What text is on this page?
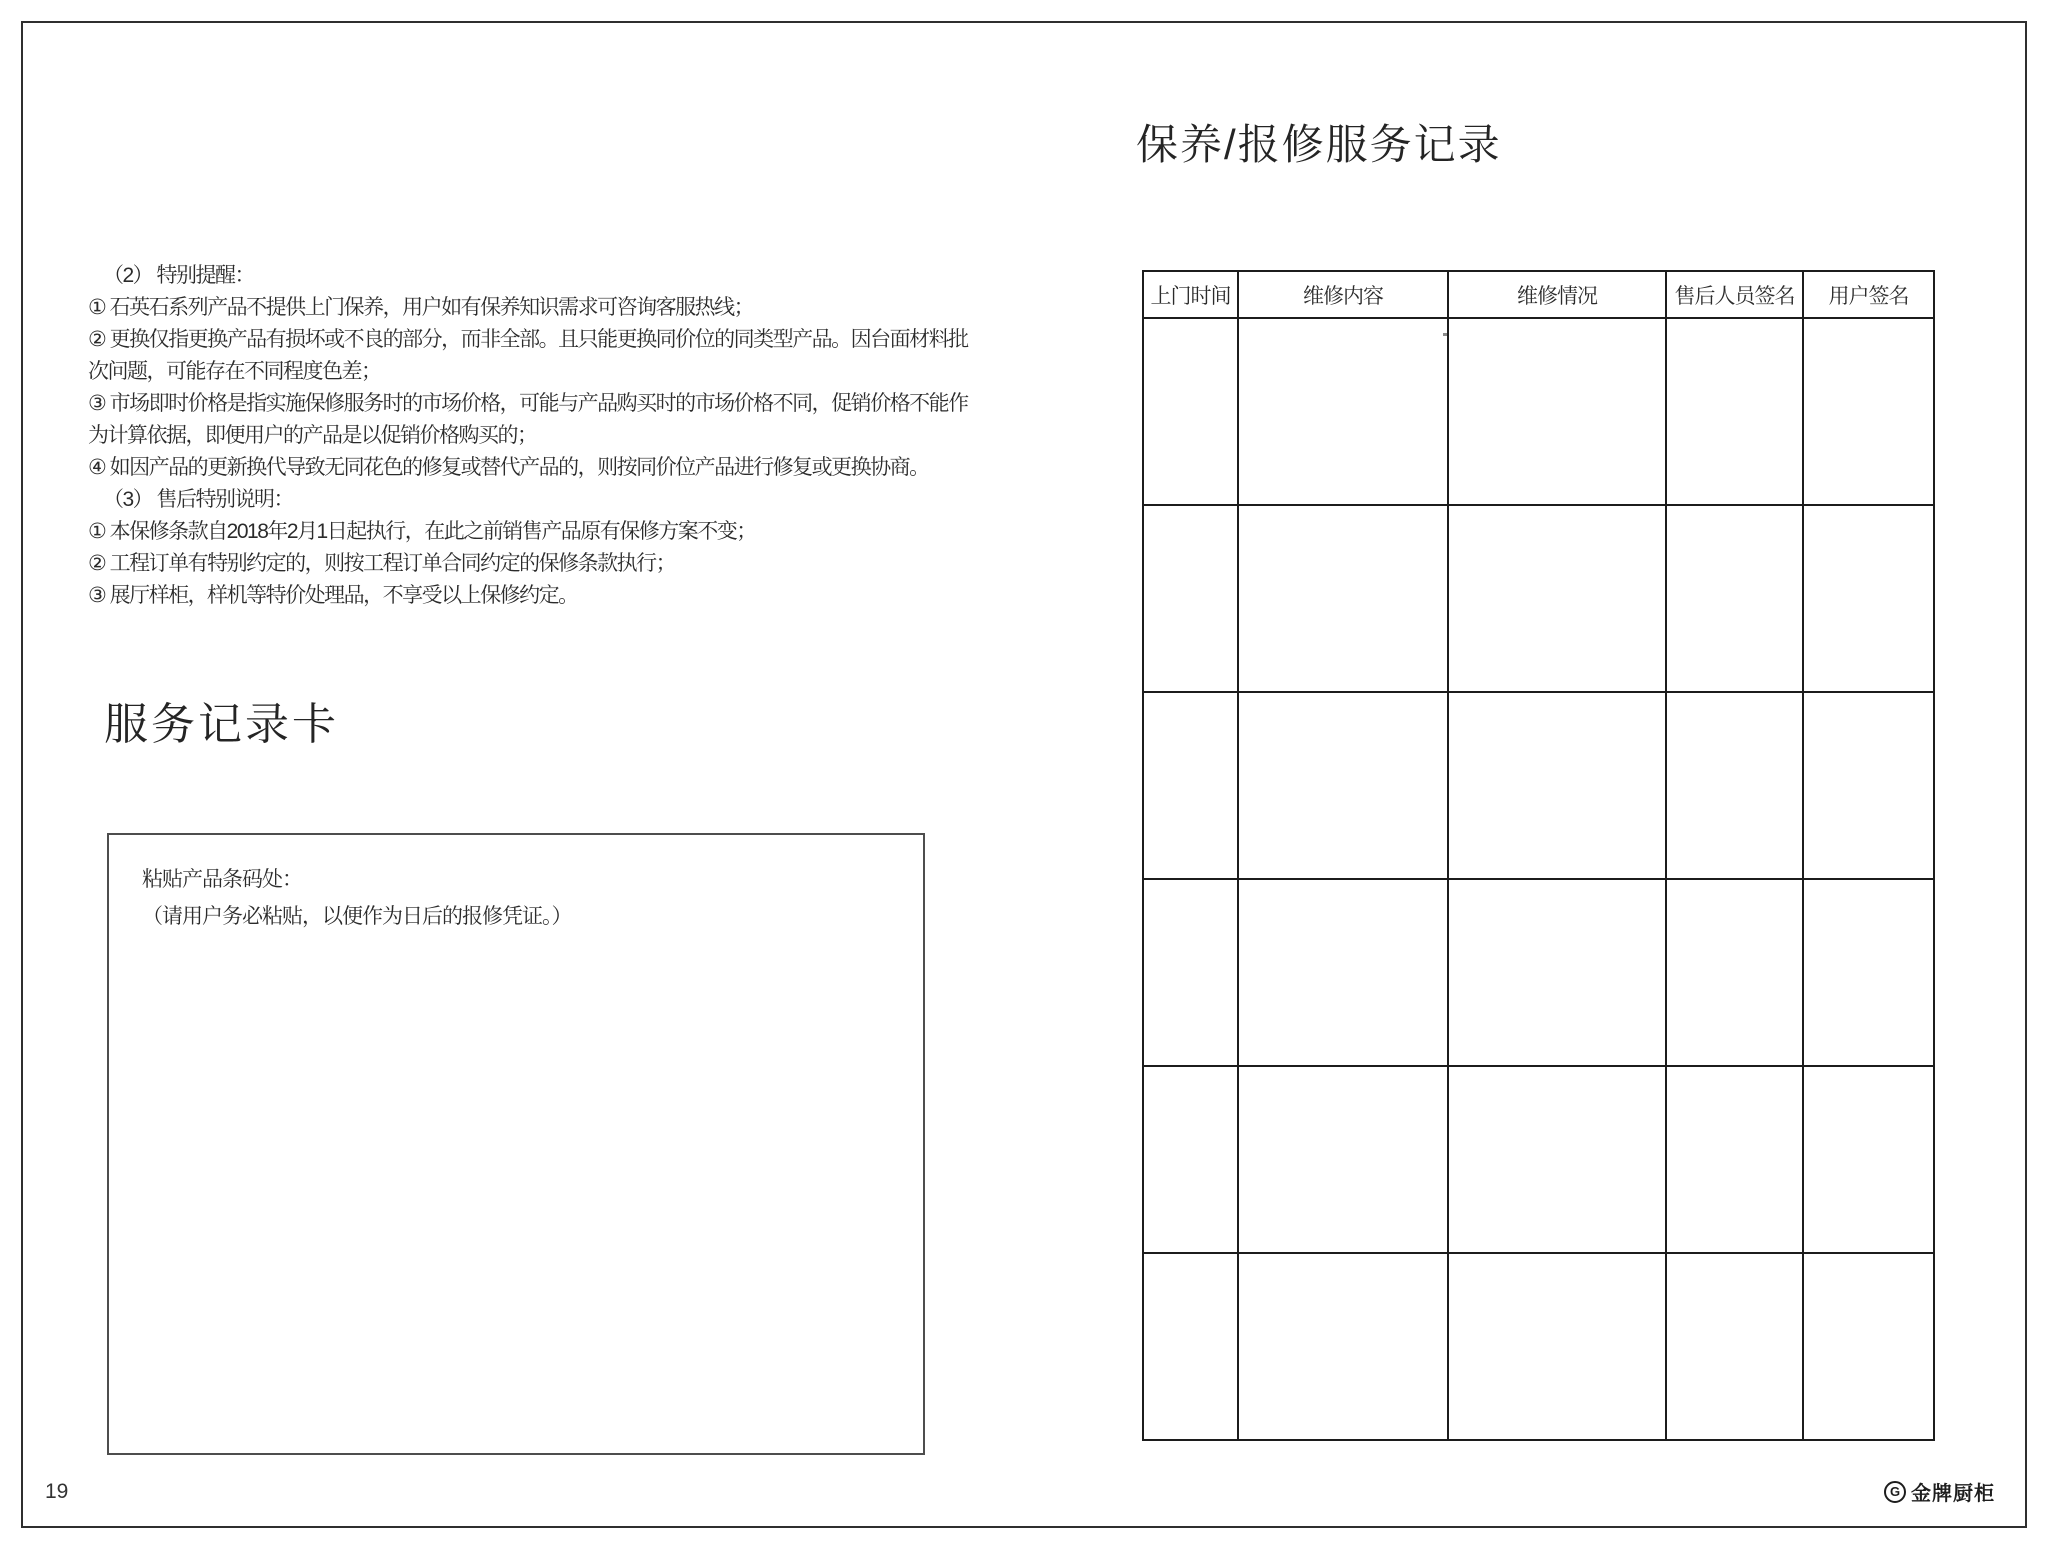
（2） 特别提醒：
① 石英石系列产品不提供上门保养，用户如有保养知识需求可咨询客服热线；
② 更换仅指更换产品有损坏或不良的部分，而非全部。且只能更换同价位的同类型产品。因台面材料批
次问题，可能存在不同程度色差；
③ 市场即时价格是指实施保修服务时的市场价格，可能与产品购买时的市场价格不同，促销价格不能作
为计算依据，即便用户的产品是以促销价格购买的；
④ 如因产品的更新换代导致无同花色的修复或替代产品的，则按同价位产品进行修复或更换协商。
（3） 售后特别说明：
① 本保修条款自2018年2月1日起执行，在此之前销售产品原有保修方案不变；
② 工程订单有特别约定的，则按工程订单合同约定的保修条款执行；
③ 展厅样柜，样机等特价处理品，不享受以上保修约定。
服务记录卡
粘贴产品条码处：
（请用户务必粘贴，以便作为日后的报修凭证。）
保养/报修服务记录
上门时间	维修内容	维修情况	售后人员签名	用户签名

19	G 金牌厨柜
